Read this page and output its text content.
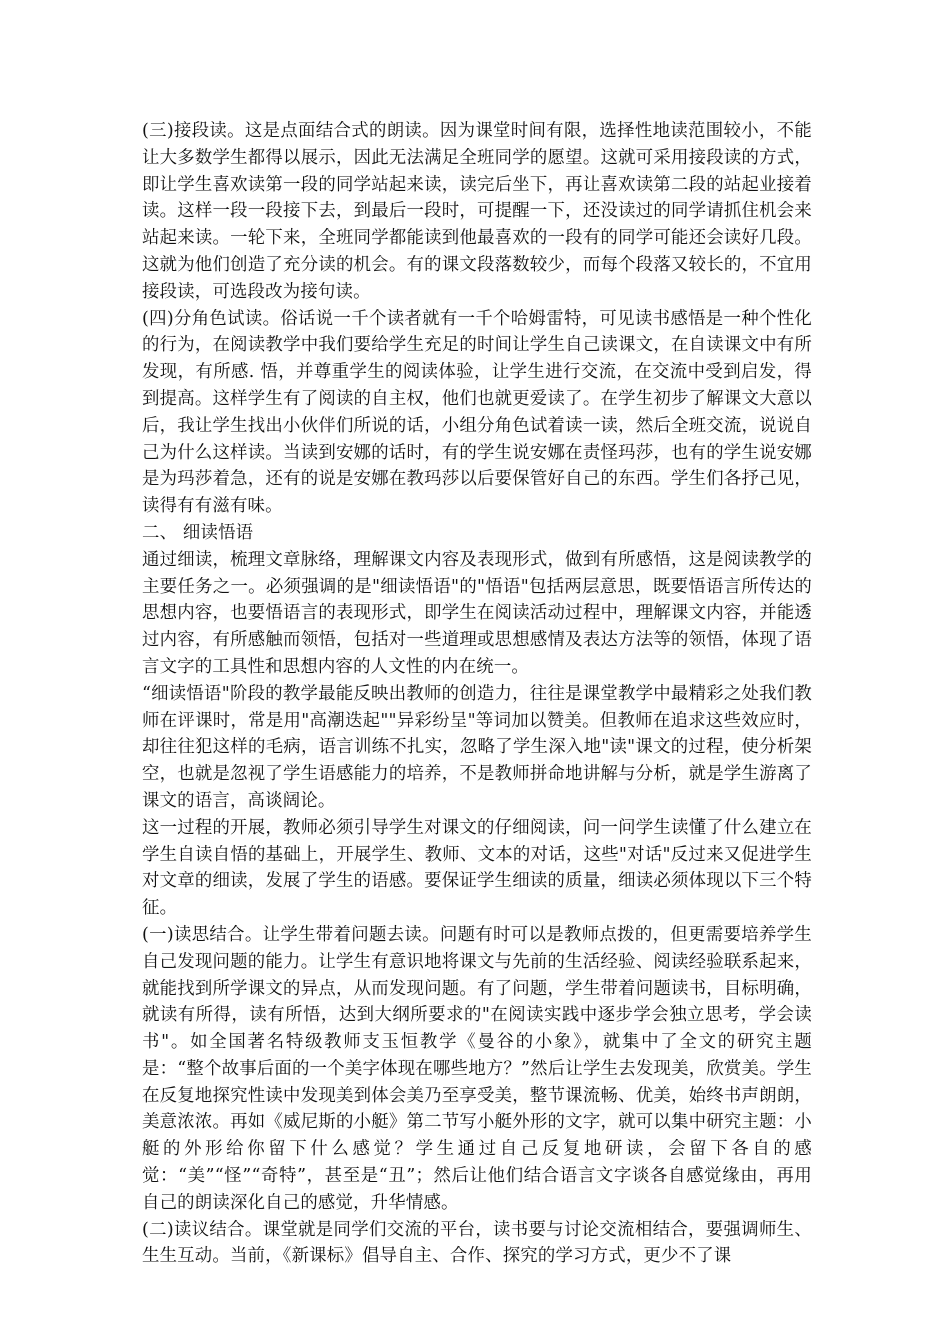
(三)接段读。这是点面结合式的朗读。因为课堂时间有限，选择性地读范围较小，不能让大多数学生都得以展示，因此无法满足全班同学的愿望。这就可采用接段读的方式，即让学生喜欢读第一段的同学站起来读，读完后坐下，再让喜欢读第二段的站起业接着读。这样一段一段接下去，到最后一段时，可提醒一下，还没读过的同学请抓住机会来站起来读。一轮下来，全班同学都能读到他最喜欢的一段有的同学可能还会读好几段。这就为他们创造了充分读的机会。有的课文段落数较少，而每个段落又较长的，不宜用接段读，可选段改为接句读。

(四)分角色试读。俗话说一千个读者就有一千个哈姆雷特，可见读书感悟是一种个性化的行为，在阅读教学中我们要给学生充足的时间让学生自己读课文，在自读课文中有所发现，有所感. 悟，并尊重学生的阅读体验，让学生进行交流，在交流中受到启发，得到提高。这样学生有了阅读的自主权，他们也就更爱读了。在学生初步了解课文大意以后，我让学生找出小伙伴们所说的话，小组分角色试着读一读，然后全班交流，说说自己为什么这样读。当读到安娜的话时，有的学生说安娜在责怪玛莎，也有的学生说安娜是为玛莎着急，还有的说是安娜在教玛莎以后要保管好自己的东西。学生们各抒己见，读得有有滋有味。

二、 细读悟语

通过细读，梳理文章脉络，理解课文内容及表现形式，做到有所感悟，这是阅读教学的主要任务之一。必须强调的是"细读悟语"的"悟语"包括两层意思，既要悟语言所传达的思想内容，也要悟语言的表现形式，即学生在阅读活动过程中，理解课文内容，并能透过内容，有所感触而领悟，包括对一些道理或思想感情及表达方法等的领悟，体现了语言文字的工具性和思想内容的人文性的内在统一。

“细读悟语"阶段的教学最能反映出教师的创造力，往往是课堂教学中最精彩之处我们教师在评课时，常是用"高潮迭起""异彩纷呈"等词加以赞美。但教师在追求这些效应时，却往往犯这样的毛病，语言训练不扎实，忽略了学生深入地"读"课文的过程，使分析架空，也就是忽视了学生语感能力的培养，不是教师拼命地讲解与分析，就是学生游离了课文的语言，高谈阔论。

这一过程的开展，教师必须引导学生对课文的仔细阅读，问一问学生读懂了什么建立在学生自读自悟的基础上，开展学生、教师、文本的对话，这些"对话"反过来又促进学生对文章的细读，发展了学生的语感。要保证学生细读的质量，细读必须体现以下三个特征。

(一)读思结合。让学生带着问题去读。问题有时可以是教师点拨的，但更需要培养学生自己发现问题的能力。让学生有意识地将课文与先前的生活经验、阅读经验联系起来，就能找到所学课文的异点，从而发现问题。有了问题，学生带着问题读书，目标明确，就读有所得，读有所悟，达到大纲所要求的"在阅读实践中逐步学会独立思考，学会读书"。如全国著名特级教师支玉恒教学《曼谷的小象》，就集中了全文的研究主题是：“整个故事后面的一个美字体现在哪些地方？”然后让学生去发现美，欣赏美。学生在反复地探究性读中发现美到体会美乃至享受美，整节课流畅、优美，始终书声朗朗，美意浓浓。再如《威尼斯的小艇》第二节写小艇外形的文字，就可以集中研究主题：小艇的外形给你留下什么感觉？学生通过自己反复地研读，会留下各自的感觉：“美”“怪”“奇特”，甚至是“丑”；然后让他们结合语言文字谈各自感觉缘由，再用自己的朗读深化自己的感觉，升华情感。

(二)读议结合。课堂就是同学们交流的平台，读书要与讨论交流相结合，要强调师生、生生互动。当前，《新课标》倡导自主、合作、探究的学习方式，更少不了课
